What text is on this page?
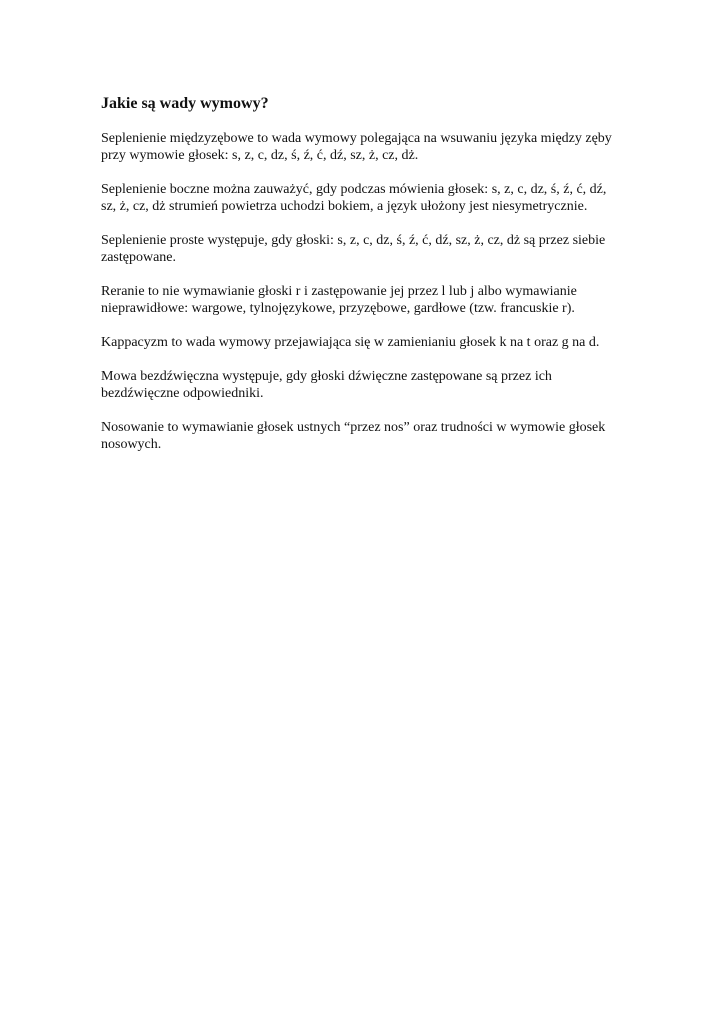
Jakie są wady wymowy?

Seplenienie międzyzębowe to wada wymowy polegająca na wsuwaniu języka między zęby
przy wymowie głosek: s, z, c, dz, ś, ź, ć, dź, sz, ż, cz, dż.

Seplenienie boczne można zauważyć, gdy podczas mówienia głosek: s, z, c, dz, ś, ź, ć, dź,
sz, ż, cz, dż strumień powietrza uchodzi bokiem, a język ułożony jest niesymetrycznie.

Seplenienie proste występuje, gdy głoski: s, z, c, dz, ś, ź, ć, dź, sz, ż, cz, dż są przez siebie
zastępowane.

Reranie to nie wymawianie głoski r i zastępowanie jej przez l lub j albo wymawianie
nieprawidłowe: wargowe, tylnojęzykowe, przyzębowe, gardłowe (tzw. francuskie r).

Kappacyzm to wada wymowy przejawiająca się w zamienianiu głosek k na t oraz g na d.

Mowa bezdźwięczna występuje, gdy głoski dźwięczne zastępowane są przez ich
bezdźwięczne odpowiedniki.

Nosowanie to wymawianie głosek ustnych “przez nos” oraz trudności w wymowie głosek
nosowych.
